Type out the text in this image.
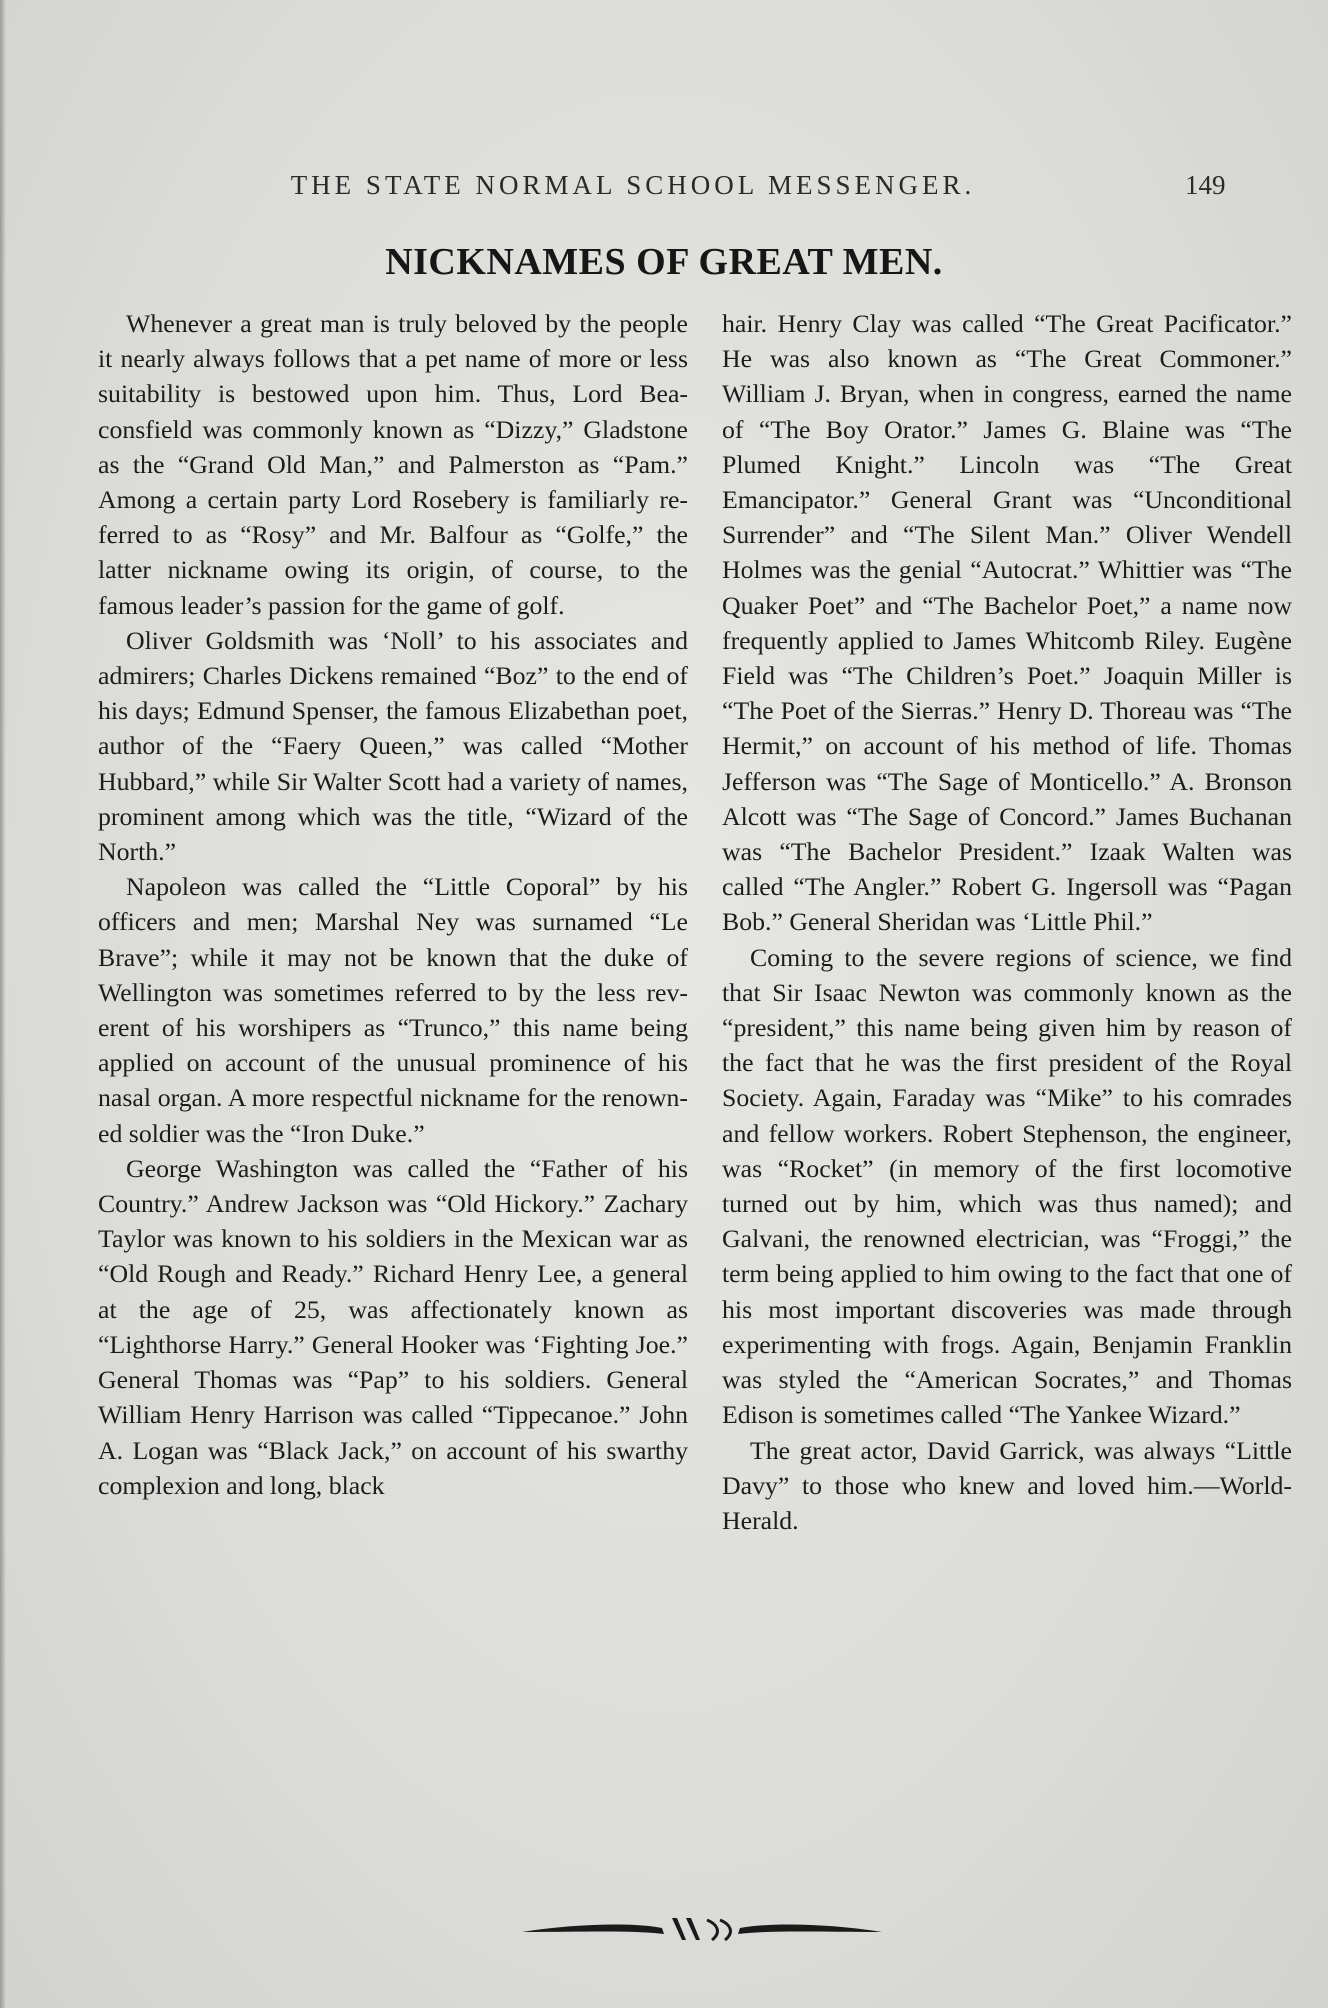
THE STATE NORMAL SCHOOL MESSENGER.	149
NICKNAMES OF GREAT MEN.

Whenever a great man is truly beloved by the people it nearly always follows that a pet name of more or less suitability is bestowed upon him. Thus, Lord Beaconsfield was commonly known as “Dizzy,” Gladstone as the “Grand Old Man,” and Palmerston as “Pam.” Among a certain party Lord Rosebery is familiarly referred to as “Rosy” and Mr. Balfour as “Golfe,” the latter nickname owing its origin, of course, to the famous leader’s passion for the game of golf.

Oliver Goldsmith was ‘Noll’ to his associates and admirers; Charles Dickens remained “Boz” to the end of his days; Edmund Spenser, the famous Elizabethan poet, author of the “Faery Queen,” was called “Mother Hubbard,” while Sir Walter Scott had a variety of names, prominent among which was the title, “Wizard of the North.”

Napoleon was called the “Little Coporal” by his officers and men; Marshal Ney was surnamed “Le Brave”; while it may not be known that the duke of Wellington was sometimes referred to by the less reverent of his worshipers as “Trunco,” this name being applied on account of the unusual prominence of his nasal organ. A more respectful nickname for the renowned soldier was the “Iron Duke.”

George Washington was called the “Father of his Country.” Andrew Jackson was “Old Hickory.” Zachary Taylor was known to his soldiers in the Mexican war as “Old Rough and Ready.” Richard Henry Lee, a general at the age of 25, was affectionately known as “Lighthorse Harry.” General Hooker was ‘Fighting Joe.” General Thomas was “Pap” to his soldiers. General William Henry Harrison was called “Tippecanoe.” John A. Logan was “Black Jack,” on account of his swarthy complexion and long, black

hair. Henry Clay was called “The Great Pacificator.” He was also known as “The Great Commoner.” William J. Bryan, when in congress, earned the name of “The Boy Orator.” James G. Blaine was “The Plumed Knight.” Lincoln was “The Great Emancipator.” General Grant was “Unconditional Surrender” and “The Silent Man.” Oliver Wendell Holmes was the genial “Autocrat.” Whittier was “The Quaker Poet” and “The Bachelor Poet,” a name now frequently applied to James Whitcomb Riley. Eugène Field was “The Children’s Poet.” Joaquin Miller is “The Poet of the Sierras.” Henry D. Thoreau was “The Hermit,” on account of his method of life. Thomas Jefferson was “The Sage of Monticello.” A. Bronson Alcott was “The Sage of Concord.” James Buchanan was “The Bachelor President.” Izaak Walten was called “The Angler.” Robert G. Ingersoll was “Pagan Bob.” General Sheridan was ‘Little Phil.”

Coming to the severe regions of science, we find that Sir Isaac Newton was commonly known as the “president,” this name being given him by reason of the fact that he was the first president of the Royal Society. Again, Faraday was “Mike” to his comrades and fellow workers. Robert Stephenson, the engineer, was “Rocket” (in memory of the first locomotive turned out by him, which was thus named); and Galvani, the renowned electrician, was “Froggi,” the term being applied to him owing to the fact that one of his most important discoveries was made through experimenting with frogs. Again, Benjamin Franklin was styled the “American Socrates,” and Thomas Edison is sometimes called “The Yankee Wizard.”

The great actor, David Garrick, was always “Little Davy” to those who knew and loved him.—World-Herald.
